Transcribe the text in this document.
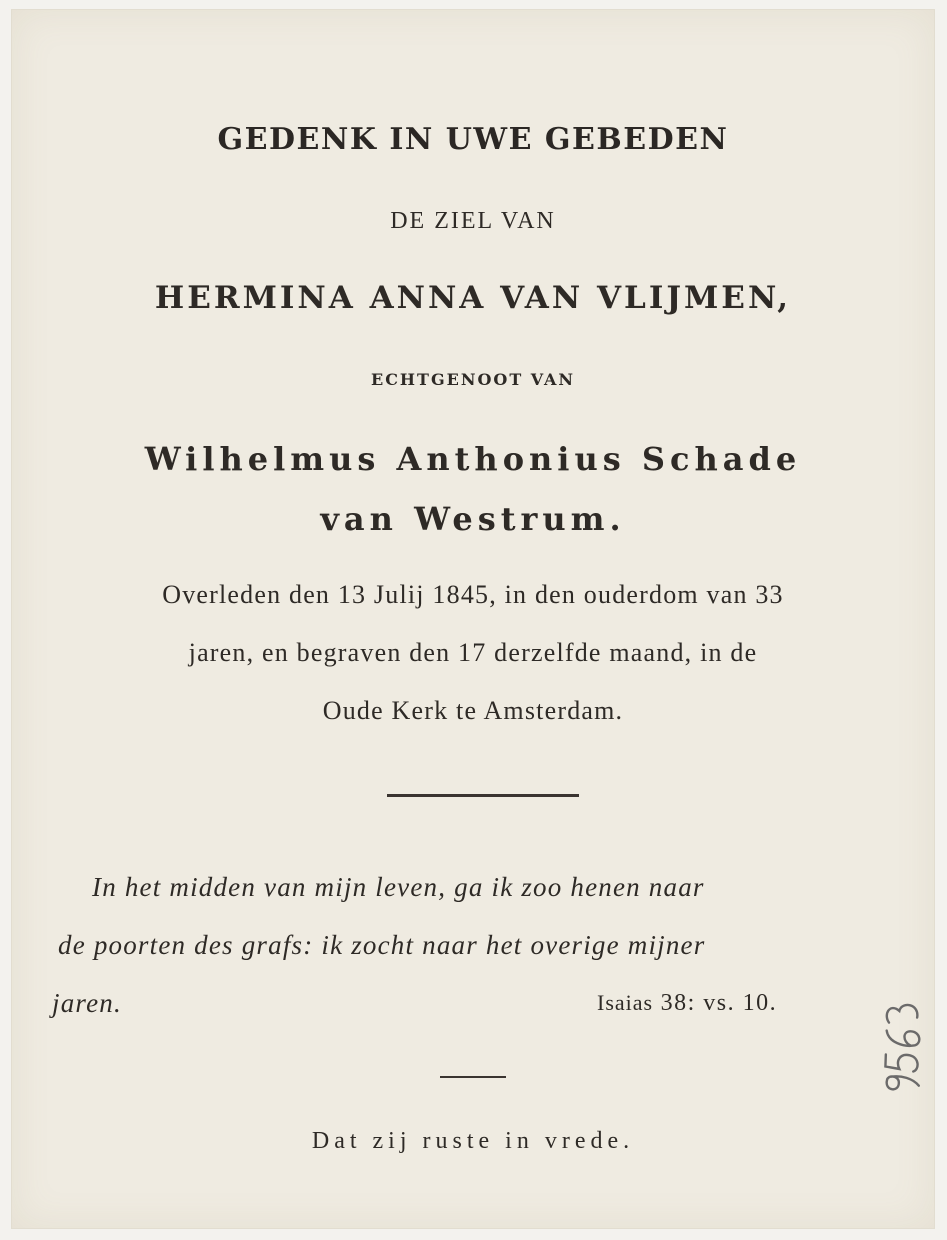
GEDENK IN UWE GEBEDEN
DE ZIEL VAN
HERMINA ANNA VAN VLIJMEN,
ECHTGENOOT VAN
Wilhelmus Anthonius Schade
van Westrum.
Overleden den 13 Julij 1845, in den ouderdom van 33
jaren, en begraven den 17 derzelfde maand, in de
Oude Kerk te Amsterdam.
In het midden van mijn leven, ga ik zoo henen naar
de poorten des grafs: ik zocht naar het overige mijner
jaren.	Isaias 38: vs. 10.
Dat zij ruste in vrede.
